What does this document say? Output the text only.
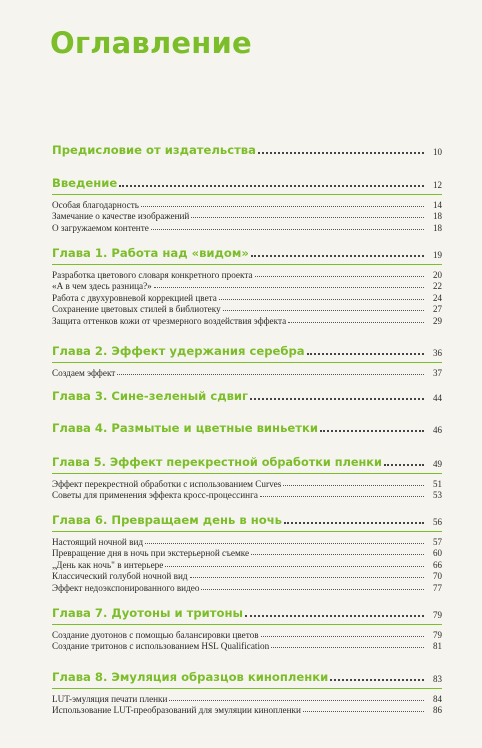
Оглавление
Предисловие от издательства	10
Введение	12
Особая благодарность	14
Замечание о качестве изображений	18
О загружаемом контенте	18
Глава 1. Работа над «видом»	19
Разработка цветового словаря конкретного проекта	20
«А в чем здесь разница?»	22
Работа с двухуровневой коррекцией цвета	24
Сохранение цветовых стилей в библиотеку	27
Защита оттенков кожи от чрезмерного воздействия эффекта	29
Глава 2. Эффект удержания серебра	36
Создаем эффект	37
Глава 3. Сине-зеленый сдвиг	44
Глава 4. Размытые и цветные виньетки	46
Глава 5. Эффект перекрестной обработки пленки	49
Эффект перекрестной обработки с использованием Curves	51
Советы для применения эффекта кросс-процессинга	53
Глава 6. Превращаем день в ночь	56
Настоящий ночной вид	57
Превращение дня в ночь при экстерьерной съемке	60
„День как ночь" в интерьере	66
Классический голубой ночной вид	70
Эффект недоэкспонированного видео	77
Глава 7. Дуотоны и тритоны	79
Создание дуотонов с помощью балансировки цветов	79
Создание тритонов с использованием HSL Qualification	81
Глава 8. Эмуляция образцов кинопленки	83
LUT-эмуляция печати пленки	84
Использование LUT-преобразований для эмуляции кинопленки	86
